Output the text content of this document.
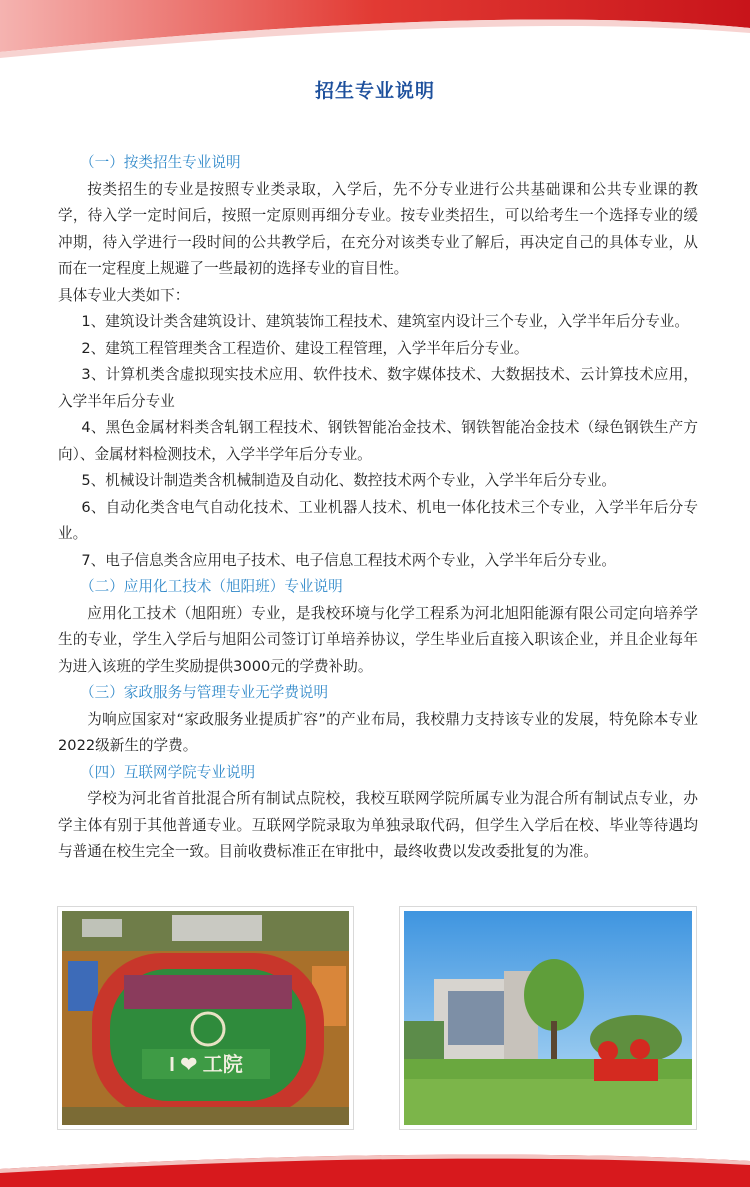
招生专业说明
（一）按类招生专业说明

按类招生的专业是按照专业类录取，入学后，先不分专业进行公共基础课和公共专业课的教学，待入学一定时间后，按照一定原则再细分专业。按专业类招生，可以给考生一个选择专业的缓冲期，待入学进行一段时间的公共教学后，在充分对该类专业了解后，再决定自己的具体专业，从而在一定程度上规避了一些最初的选择专业的盲目性。

具体专业大类如下：

1、建筑设计类含建筑设计、建筑装饰工程技术、建筑室内设计三个专业，入学半年后分专业。

2、建筑工程管理类含工程造价、建设工程管理，入学半年后分专业。

3、计算机类含虚拟现实技术应用、软件技术、数字媒体技术、大数据技术、云计算技术应用，入学半年后分专业

4、黑色金属材料类含轧钢工程技术、钢铁智能冶金技术、钢铁智能冶金技术（绿色钢铁生产方向）、金属材料检测技术，入学半学年后分专业。

5、机械设计制造类含机械制造及自动化、数控技术两个专业，入学半年后分专业。

6、自动化类含电气自动化技术、工业机器人技术、机电一体化技术三个专业，入学半年后分专业。

7、电子信息类含应用电子技术、电子信息工程技术两个专业，入学半年后分专业。

（二）应用化工技术（旭阳班）专业说明

应用化工技术（旭阳班）专业，是我校环境与化学工程系为河北旭阳能源有限公司定向培养学生的专业，学生入学后与旭阳公司签订订单培养协议，学生毕业后直接入职该企业，并且企业每年为进入该班的学生奖励提供3000元的学费补助。

（三）家政服务与管理专业无学费说明

为响应国家对“家政服务业提质扩容”的产业布局，我校鼎力支持该专业的发展，特免除本专业2022级新生的学费。

（四）互联网学院专业说明

学校为河北省首批混合所有制试点院校，我校互联网学院所属专业为混合所有制试点专业，办学主体有别于其他普通专业。互联网学院录取为单独录取代码，但学生入学后在校、毕业等待遇均与普通在校生完全一致。目前收费标准正在审批中，最终收费以发改委批复的为准。

I ❤ 工院
